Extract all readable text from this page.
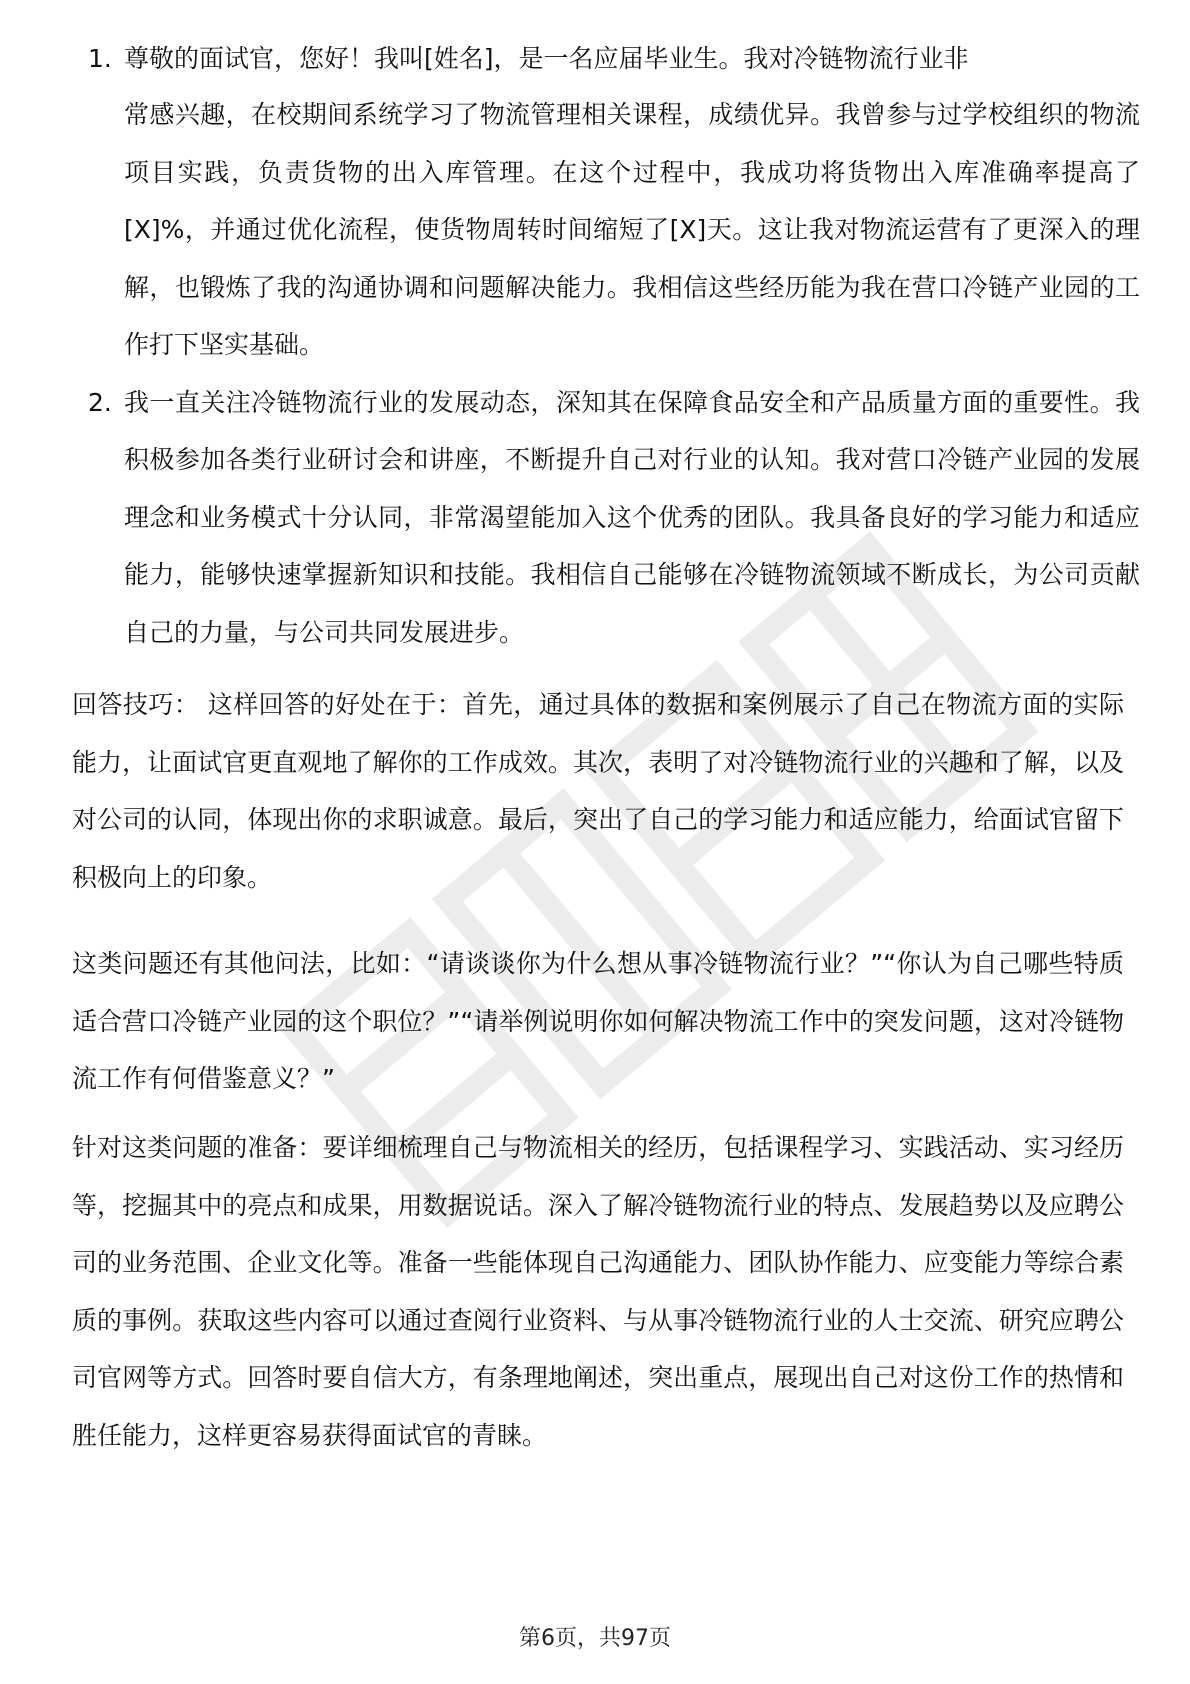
1. 尊敬的面试官，您好！我叫[姓名]，是一名应届毕业生。我对冷链物流行业非
常感兴趣，在校期间系统学习了物流管理相关课程，成绩优异。我曾参与过学校组织的物流项目实践，负责货物的出入库管理。在这个过程中，我成功将货物出入库准确率提高了[X]%，并通过优化流程，使货物周转时间缩短了[X]天。这让我对物流运营有了更深入的理解，也锻炼了我的沟通协调和问题解决能力。我相信这些经历能为我在营口冷链产业园的工作打下坚实基础。
2. 我一直关注冷链物流行业的发展动态，深知其在保障食品安全和产品质量方面的重要性。我积极参加各类行业研讨会和讲座，不断提升自己对行业的认知。我对营口冷链产业园的发展理念和业务模式十分认同，非常渴望能加入这个优秀的团队。我具备良好的学习能力和适应能力，能够快速掌握新知识和技能。我相信自己能够在冷链物流领域不断成长，为公司贡献自己的力量，与公司共同发展进步。

回答技巧： 这样回答的好处在于：首先，通过具体的数据和案例展示了自己在物流方面的实际能力，让面试官更直观地了解你的工作成效。其次，表明了对冷链物流行业的兴趣和了解，以及对公司的认同，体现出你的求职诚意。最后，突出了自己的学习能力和适应能力，给面试官留下积极向上的印象。

这类问题还有其他问法，比如：“请谈谈你为什么想从事冷链物流行业？”“你认为自己哪些特质适合营口冷链产业园的这个职位？”“请举例说明你如何解决物流工作中的突发问题，这对冷链物流工作有何借鉴意义？”

针对这类问题的准备：要详细梳理自己与物流相关的经历，包括课程学习、实践活动、实习经历等，挖掘其中的亮点和成果，用数据说话。深入了解冷链物流行业的特点、发展趋势以及应聘公司的业务范围、企业文化等。准备一些能体现自己沟通能力、团队协作能力、应变能力等综合素质的事例。获取这些内容可以通过查阅行业资料、与从事冷链物流行业的人士交流、研究应聘公司官网等方式。回答时要自信大方，有条理地阐述，突出重点，展现出自己对这份工作的热情和胜任能力，这样更容易获得面试官的青睐。

第6页，共97页
